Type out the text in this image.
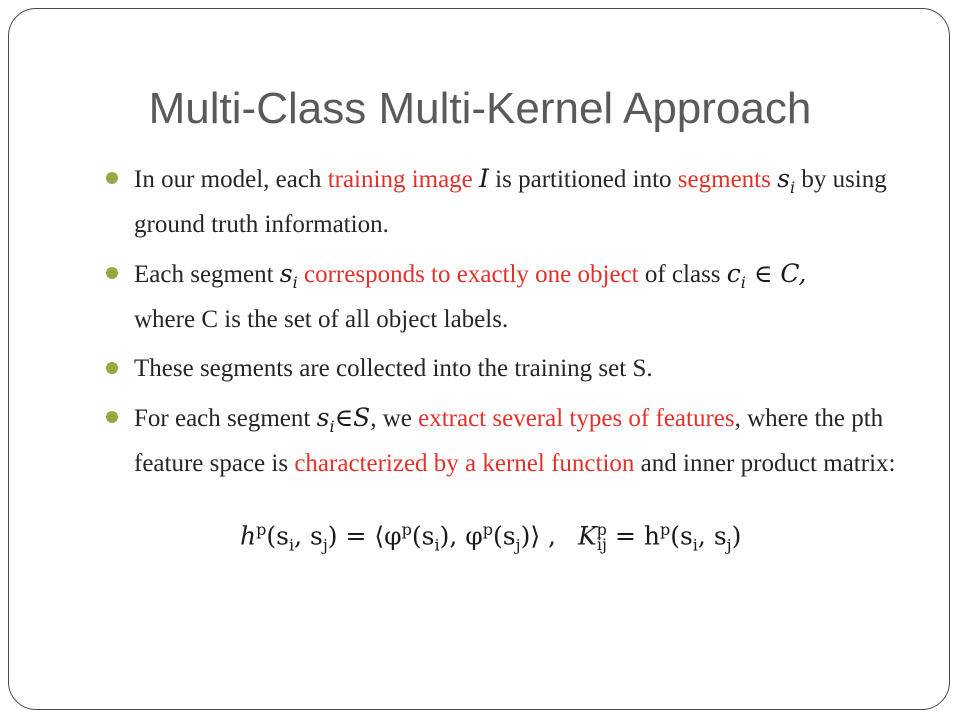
Multi-Class Multi-Kernel Approach
In our model, each training image I is partitioned into segments $s_i$ by using ground truth information.
Each segment $s_i$ corresponds to exactly one object of class $c_i$ ∈ C,
where C is the set of all object labels.
These segments are collected into the training set S.
For each segment $s_i\in S$, we extract several types of features, where the pth feature space is characterized by a kernel function and inner product matrix:
$h^p(s_i$, $s_j$) = $⟨\varphi^p(s_i)$, $\varphi^p(s_j)⟩$ , $K^p_{ij} = h^p(s_i$, $s_j$)
